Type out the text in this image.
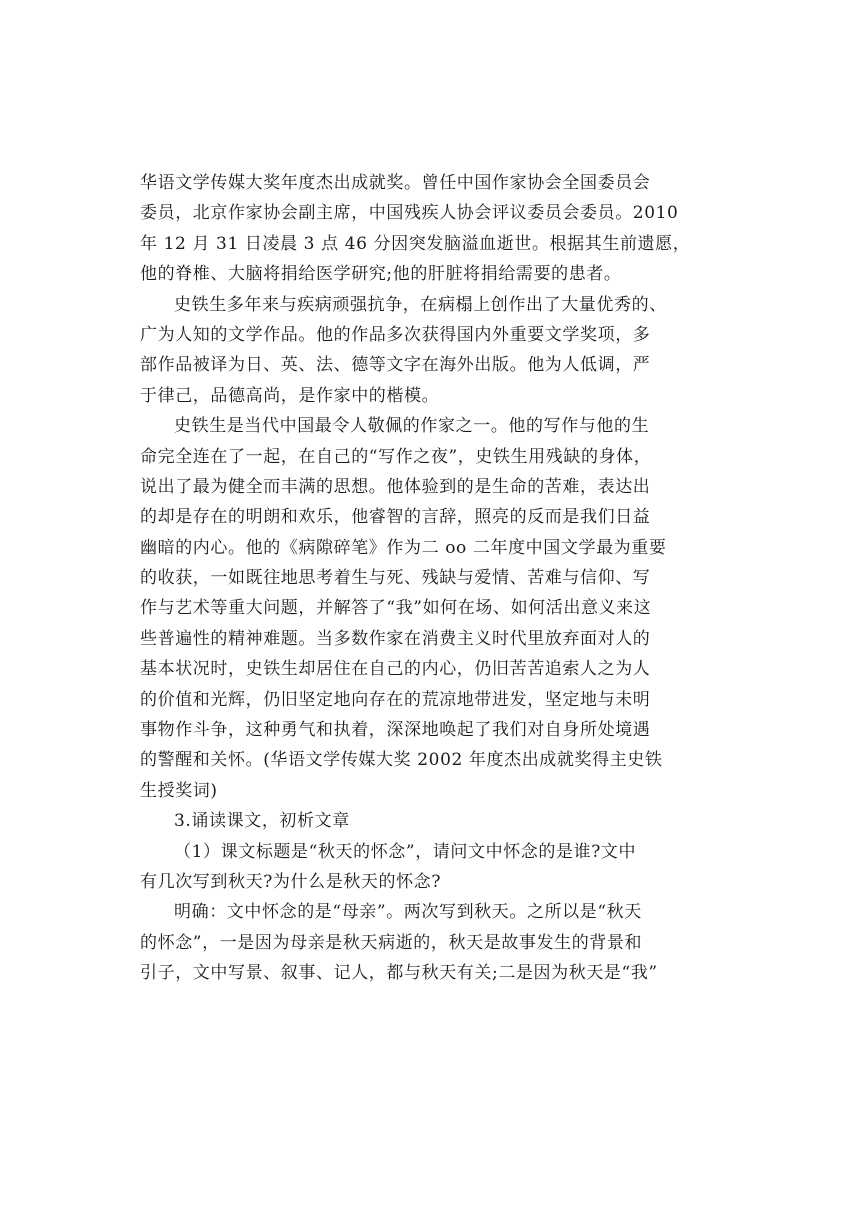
华语文学传媒大奖年度杰出成就奖。曾任中国作家协会全国委员会
委员，北京作家协会副主席，中国残疾人协会评议委员会委员。2010
年 12 月 31 日凌晨 3 点 46 分因突发脑溢血逝世。根据其生前遗愿，
他的脊椎、大脑将捐给医学研究;他的肝脏将捐给需要的患者。
史铁生多年来与疾病顽强抗争，在病榻上创作出了大量优秀的、
广为人知的文学作品。他的作品多次获得国内外重要文学奖项，多
部作品被译为日、英、法、德等文字在海外出版。他为人低调，严
于律己，品德高尚，是作家中的楷模。
史铁生是当代中国最令人敬佩的作家之一。他的写作与他的生
命完全连在了一起，在自己的“写作之夜”，史铁生用残缺的身体，
说出了最为健全而丰满的思想。他体验到的是生命的苦难，表达出
的却是存在的明朗和欢乐，他睿智的言辞，照亮的反而是我们日益
幽暗的内心。他的《病隙碎笔》作为二 oo 二年度中国文学最为重要
的收获，一如既往地思考着生与死、残缺与爱情、苦难与信仰、写
作与艺术等重大问题，并解答了“我”如何在场、如何活出意义来这
些普遍性的精神难题。当多数作家在消费主义时代里放弃面对人的
基本状况时，史铁生却居住在自己的内心，仍旧苦苦追索人之为人
的价值和光辉，仍旧坚定地向存在的荒凉地带进发，坚定地与未明
事物作斗争，这种勇气和执着，深深地唤起了我们对自身所处境遇
的警醒和关怀。(华语文学传媒大奖 2002 年度杰出成就奖得主史铁
生授奖词)
3.诵读课文，初析文章
（1）课文标题是“秋天的怀念”，请问文中怀念的是谁?文中
有几次写到秋天?为什么是秋天的怀念?
明确：文中怀念的是“母亲”。两次写到秋天。之所以是“秋天
的怀念”，一是因为母亲是秋天病逝的，秋天是故事发生的背景和
引子，文中写景、叙事、记人，都与秋天有关;二是因为秋天是“我”
